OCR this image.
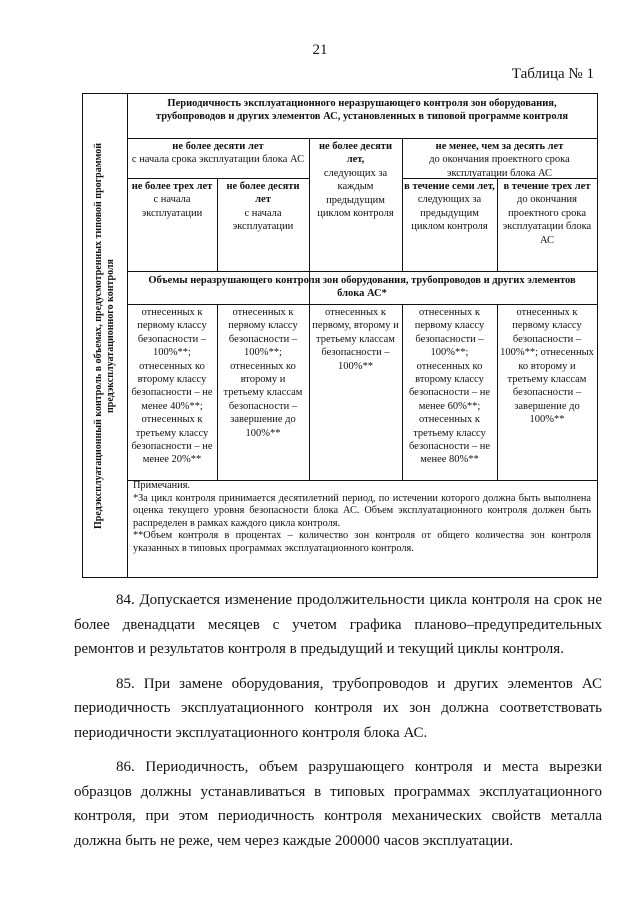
21
Таблица № 1
Предэксплуатационный контроль в объемах, предусмотренных типовой программой предэксплуатационного контроля
Периодичность эксплуатационного неразрушающего контроля зон оборудования, трубопроводов и других элементов АС, установленных в типовой программе контроля
не более десяти лет
с начала срока эксплуатации блока АС
не более десяти лет,
следующих за каждым предыдущим циклом контроля
не менее, чем за десять лет
до окончания проектного срока эксплуатации блока АС
не более трех лет
с начала эксплуатации
не более десяти лет
с начала эксплуатации
в течение семи лет,
следующих за предыдущим циклом контроля
в течение трех лет
до окончания проектного срока эксплуатации блока АС
Объемы неразрушающего контроля зон оборудования, трубопроводов и других элементов блока АС*
отнесенных к первому классу безопасности – 100%**; отнесенных ко второму классу безопасности – не менее 40%**; отнесенных к третьему классу безопасности – не менее 20%**
отнесенных к первому классу безопасности – 100%**; отнесенных ко второму и третьему классам безопасности – завершение до 100%**
отнесенных к первому, второму и третьему классам безопасности – 100%**
отнесенных к первому классу безопасности – 100%**; отнесенных ко второму классу безопасности – не менее 60%**; отнесенных к третьему классу безопасности – не менее 80%**
отнесенных к первому классу безопасности – 100%**; отнесенных ко второму и третьему классам безопасности – завершение до 100%**

Примечания.

*За цикл контроля принимается десятилетний период, по истечении которого должна быть выполнена оценка текущего уровня безопасности блока АС. Объем эксплуатационного контроля должен быть распределен в рамках каждого цикла контроля.

**Объем контроля в процентах – количество зон контроля от общего количества зон контроля указанных в типовых программах эксплуатационного контроля.

84. Допускается изменение продолжительности цикла контроля на срок не более двенадцати месяцев с учетом графика планово–предупредительных ремонтов и результатов контроля в предыдущий и текущий циклы контроля.

85. При замене оборудования, трубопроводов и других элементов АС периодичность эксплуатационного контроля их зон должна соответствовать периодичности эксплуатационного контроля блока АС.

86. Периодичность, объем разрушающего контроля и места вырезки образцов должны устанавливаться в типовых программах эксплуатационного контроля, при этом периодичность контроля механических свойств металла должна быть не реже, чем через каждые 200000 часов эксплуатации.
